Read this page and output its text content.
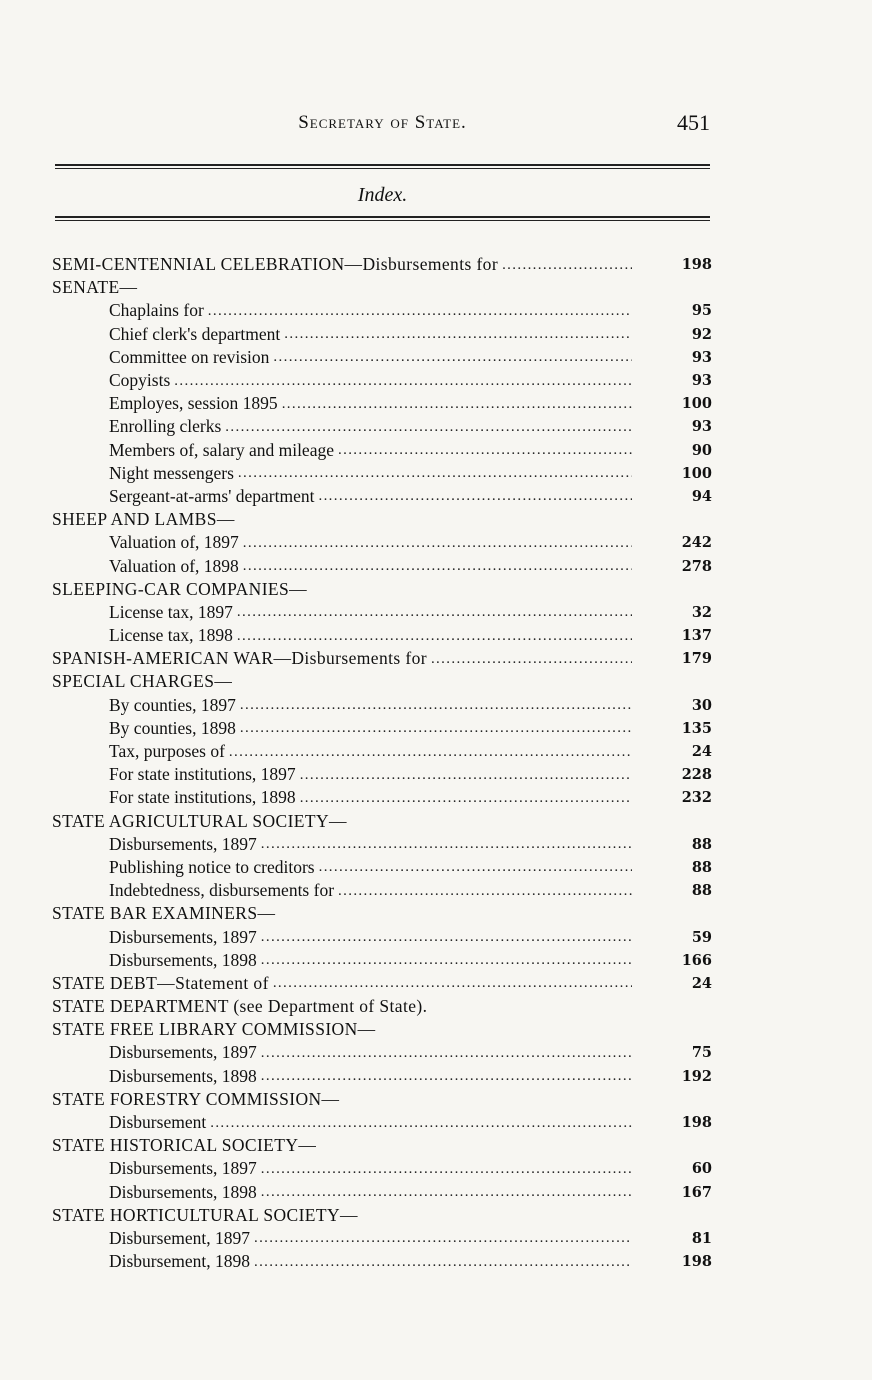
Secretary of State.	451
Index.
SEMI-CENTENNIAL CELEBRATION—Disbursements for . . .	198
SENATE—
Chaplains for . . .	95
Chief clerk's department . . .	92
Committee on revision . . .	93
Copyists . . .	93
Employes, session 1895 . . .	100
Enrolling clerks . . .	93
Members of, salary and mileage . . .	90
Night messengers . . .	100
Sergeant-at-arms' department . . .	94
SHEEP AND LAMBS—
Valuation of, 1897 . . .	242
Valuation of, 1898 . . .	278
SLEEPING-CAR COMPANIES—
License tax, 1897 . . .	32
License tax, 1898 . . .	137
SPANISH-AMERICAN WAR—Disbursements for . . .	179
SPECIAL CHARGES—
By counties, 1897 . . .	30
By counties, 1898 . . .	135
Tax, purposes of . . .	24
For state institutions, 1897 . . .	228
For state institutions, 1898 . . .	232
STATE AGRICULTURAL SOCIETY—
Disbursements, 1897 . . .	88
Publishing notice to creditors . . .	88
Indebtedness, disbursements for . . .	88
STATE BAR EXAMINERS—
Disbursements, 1897 . . .	59
Disbursements, 1898 . . .	166
STATE DEBT—Statement of . . .	24
STATE DEPARTMENT (see Department of State).
STATE FREE LIBRARY COMMISSION—
Disbursements, 1897 . . .	75
Disbursements, 1898 . . .	192
STATE FORESTRY COMMISSION—
Disbursement . . .	198
STATE HISTORICAL SOCIETY—
Disbursements, 1897 . . .	60
Disbursements, 1898 . . .	167
STATE HORTICULTURAL SOCIETY—
Disbursement, 1897 . . .	81
Disbursement, 1898 . . .	198
